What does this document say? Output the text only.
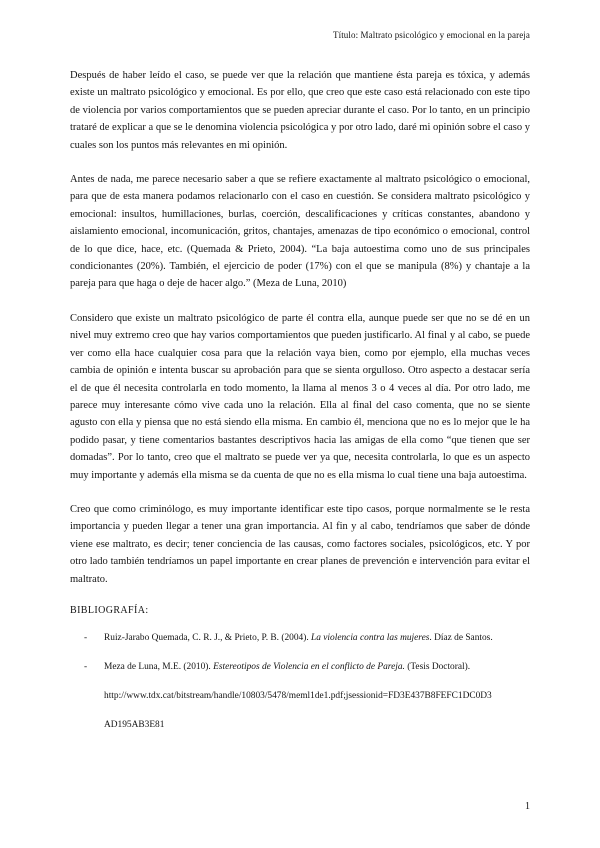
Título: Maltrato psicológico y emocional en la pareja

Después de haber leído el caso, se puede ver que la relación que mantiene ésta pareja es tóxica, y además existe un maltrato psicológico y emocional. Es por ello, que creo que este caso está relacionado con este tipo de violencia por varios comportamientos que se pueden apreciar durante el caso. Por lo tanto, en un principio trataré de explicar a que se le denomina violencia psicológica y por otro lado, daré mi opinión sobre el caso y cuales son los puntos más relevantes en mi opinión.

Antes de nada, me parece necesario saber a que se refiere exactamente al maltrato psicológico o emocional, para que de esta manera podamos relacionarlo con el caso en cuestión. Se considera maltrato psicológico y emocional: insultos, humillaciones, burlas, coerción, descalificaciones y críticas constantes, abandono y aislamiento emocional, incomunicación, gritos, chantajes, amenazas de tipo económico o emocional, control de lo que dice, hace, etc. (Quemada & Prieto, 2004). “La baja autoestima como uno de sus principales condicionantes (20%). También, el ejercicio de poder (17%) con el que se manipula (8%) y chantaje a la pareja para que haga o deje de hacer algo.” (Meza de Luna, 2010)

Considero que existe un maltrato psicológico de parte él contra ella, aunque puede ser que no se dé en un nivel muy extremo creo que hay varios comportamientos que pueden justificarlo. Al final y al cabo, se puede ver como ella hace cualquier cosa para que la relación vaya bien, como por ejemplo, ella muchas veces cambia de opinión e intenta buscar su aprobación para que se sienta orgulloso. Otro aspecto a destacar sería el de que él necesita controlarla en todo momento, la llama al menos 3 o 4 veces al día. Por otro lado, me parece muy interesante cómo vive cada uno la relación. Ella al final del caso comenta, que no se siente agusto con ella y piensa que no está siendo ella misma. En cambio él, menciona que no es lo mejor que le ha podido pasar, y tiene comentarios bastantes descriptivos hacia las amigas de ella como “que tienen que ser domadas”. Por lo tanto, creo que el maltrato se puede ver ya que, necesita controlarla, lo que es un aspecto muy importante y además ella misma se da cuenta de que no es ella misma lo cual tiene una baja autoestima.

Creo que como criminólogo, es muy importante identificar este tipo casos, porque normalmente se le resta importancia y pueden llegar a tener una gran importancia. Al fin y al cabo, tendríamos que saber de dónde viene ese maltrato, es decir; tener conciencia de las causas, como factores sociales, psicológicos, etc. Y por otro lado también tendríamos un papel importante en crear planes de prevención e intervención para evitar el maltrato.

BIBLIOGRAFÍA:
-	Ruiz-Jarabo Quemada, C. R. J., & Prieto, P. B. (2004). La violencia contra las mujeres. Díaz de Santos.
-	Meza de Luna, M.E. (2010). Estereotipos de Violencia en el conflicto de Pareja. (Tesis Doctoral).
http://www.tdx.cat/bitstream/handle/10803/5478/meml1de1.pdf;jsessionid=FD3E437B8FEFC1DC0D3
AD195AB3E81
1
